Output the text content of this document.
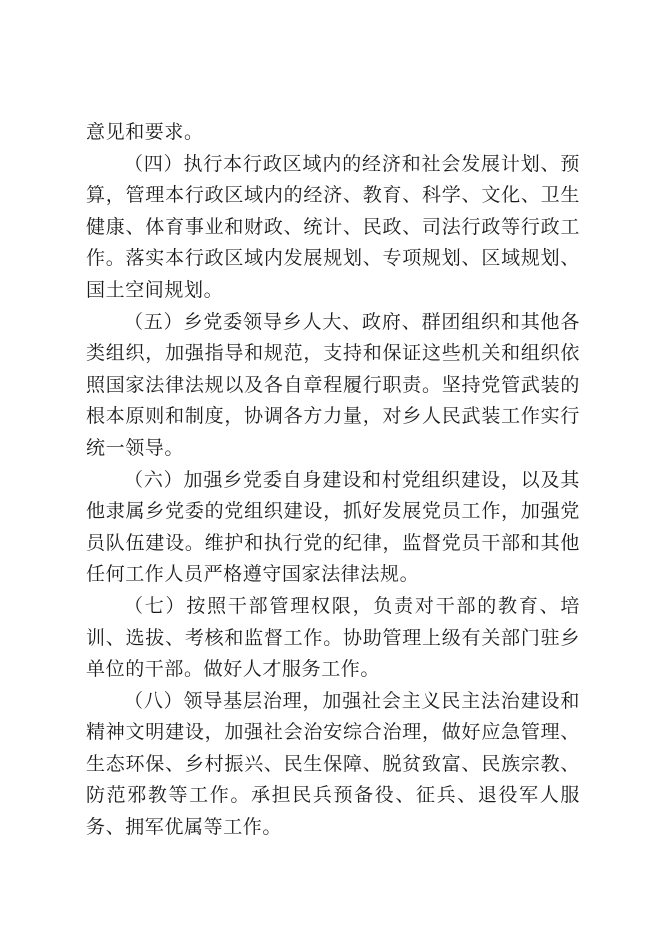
意见和要求。

（四）执行本行政区域内的经济和社会发展计划、预算，管理本行政区域内的经济、教育、科学、文化、卫生健康、体育事业和财政、统计、民政、司法行政等行政工作。落实本行政区域内发展规划、专项规划、区域规划、国土空间规划。

（五）乡党委领导乡人大、政府、群团组织和其他各类组织，加强指导和规范，支持和保证这些机关和组织依照国家法律法规以及各自章程履行职责。坚持党管武装的根本原则和制度，协调各方力量，对乡人民武装工作实行统一领导。

（六）加强乡党委自身建设和村党组织建设，以及其他隶属乡党委的党组织建设，抓好发展党员工作，加强党员队伍建设。维护和执行党的纪律，监督党员干部和其他任何工作人员严格遵守国家法律法规。

（七）按照干部管理权限，负责对干部的教育、培训、选拔、考核和监督工作。协助管理上级有关部门驻乡单位的干部。做好人才服务工作。

（八）领导基层治理，加强社会主义民主法治建设和精神文明建设，加强社会治安综合治理，做好应急管理、生态环保、乡村振兴、民生保障、脱贫致富、民族宗教、防范邪教等工作。承担民兵预备役、征兵、退役军人服务、拥军优属等工作。
